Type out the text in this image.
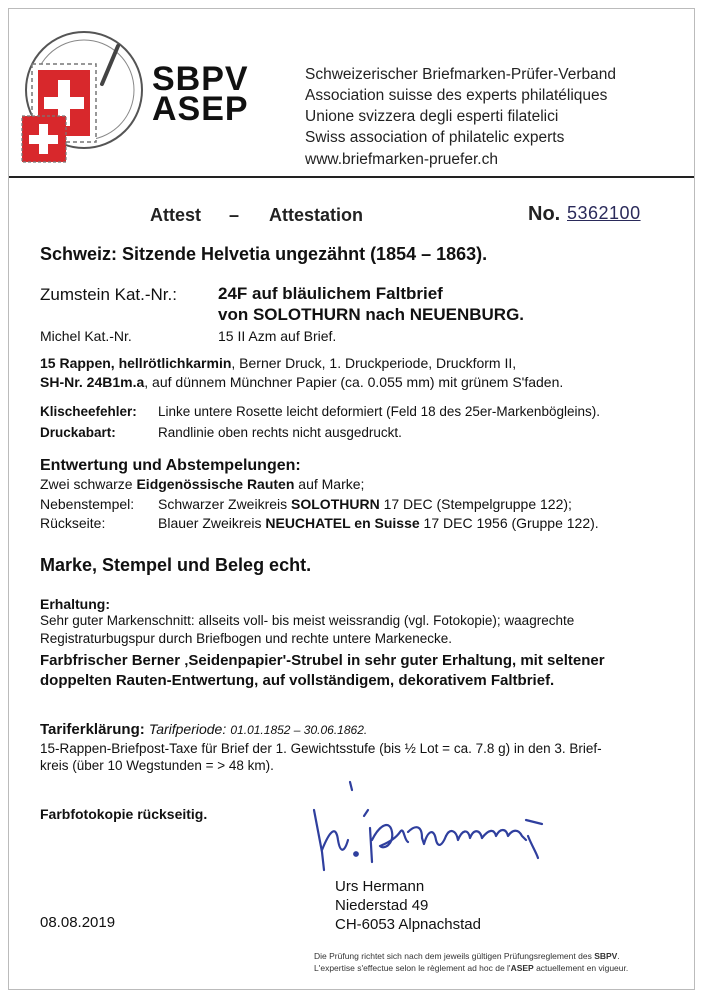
SBPV
ASEP
Schweizerischer Briefmarken-Prüfer-Verband
Association suisse des experts philatéliques
Unione svizzera degli esperti filatelici
Swiss association of philatelic experts
www.briefmarken-pruefer.ch
Attest – Attestation	No. 5362100
Schweiz: Sitzende Helvetia ungezähnt (1854 – 1863).
Zumstein Kat.-Nr.: 24F auf bläulichem Faltbrief
von SOLOTHURN nach NEUENBURG.
Michel Kat.-Nr.	15 II Azm auf Brief.
15 Rappen, hellrötlichkarmin, Berner Druck, 1. Druckperiode, Druckform II,
SH-Nr. 24B1m.a, auf dünnem Münchner Papier (ca. 0.055 mm) mit grünem S'faden.
Klischeefehler: Linke untere Rosette leicht deformiert (Feld 18 des 25er-Markenbögleins).
Druckabart:	Randlinie oben rechts nicht ausgedruckt.
Entwertung und Abstempelungen:
Zwei schwarze Eidgenössische Rauten auf Marke;
Nebenstempel: Schwarzer Zweikreis SOLOTHURN 17 DEC (Stempelgruppe 122);
Rückseite:	Blauer Zweikreis NEUCHATEL en Suisse 17 DEC 1956 (Gruppe 122).
Marke, Stempel und Beleg echt.
Erhaltung:
Sehr guter Markenschnitt: allseits voll- bis meist weissrandig (vgl. Fotokopie); waagrechte
Registraturbugspur durch Briefbogen und rechte untere Markenecke.
Farbfrischer Berner ‚Seidenpapier'-Strubel in sehr guter Erhaltung, mit seltener
doppelten Rauten-Entwertung, auf vollständigem, dekorativem Faltbrief.
Tariferklärung: Tarifperiode: 01.01.1852 – 30.06.1862.
15-Rappen-Briefpost-Taxe für Brief der 1. Gewichtsstufe (bis ½ Lot = ca. 7.8 g) in den 3. Brief-
kreis (über 10 Wegstunden = > 48 km).
Farbfotokopie rückseitig.
Urs Hermann
Niederstad 49
CH-6053 Alpnachstad
08.08.2019
Die Prüfung richtet sich nach dem jeweils gültigen Prüfungsreglement des SBPV.
L'expertise s'effectue selon le règlement ad hoc de l'ASEP actuellement en vigueur.
